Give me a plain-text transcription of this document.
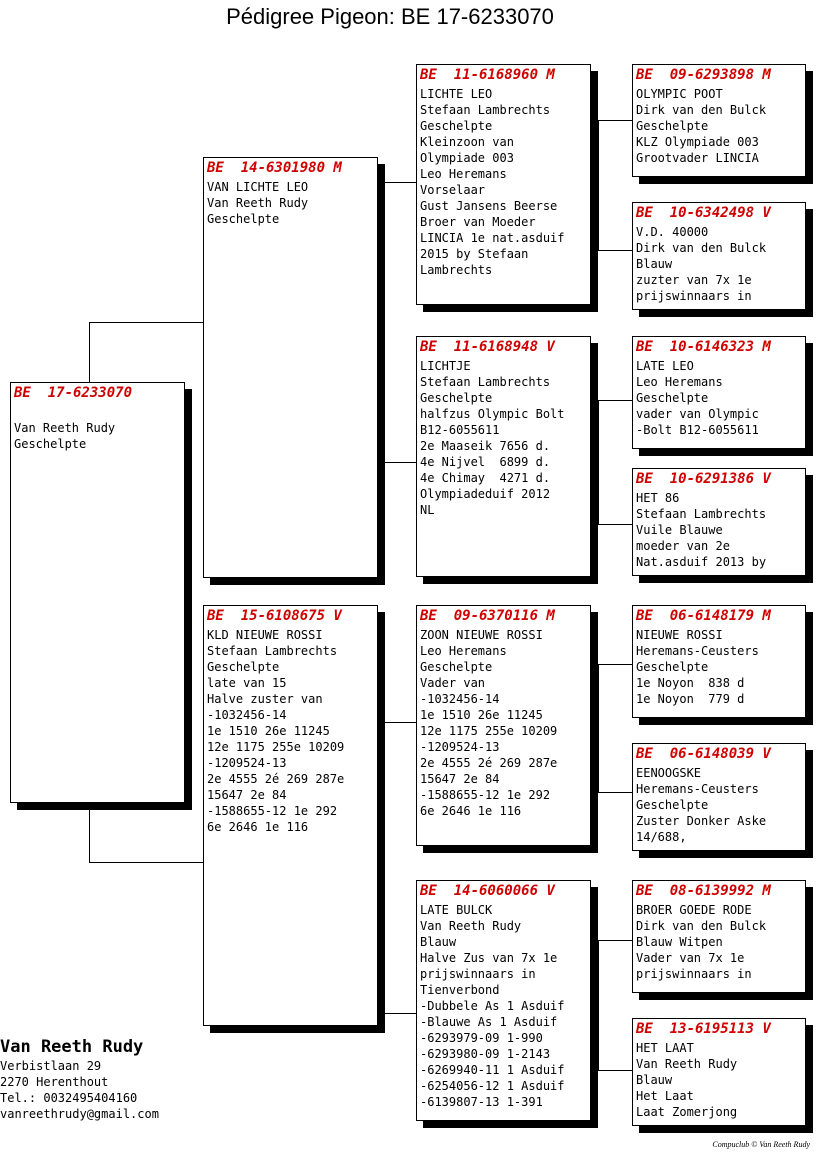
Pédigree Pigeon: BE 17-6233070
BE  17-6233070
Van Reeth Rudy
Geschelpte
BE  14-6301980 M
VAN LICHTE LEO
Van Reeth Rudy
Geschelpte
BE  15-6108675 V
KLD NIEUWE ROSSI
Stefaan Lambrechts
Geschelpte
late van 15
Halve zuster van
-1032456-14
1e 1510 26e 11245
12e 1175 255e 10209
-1209524-13
2e 4555 2é 269 287e
15647 2e 84
-1588655-12 1e 292
6e 2646 1e 116
BE  11-6168960 M
LICHTE LEO
Stefaan Lambrechts
Geschelpte
Kleinzoon van
Olympiade 003
Leo Heremans
Vorselaar
Gust Jansens Beerse
Broer van Moeder
LINCIA 1e nat.asduif
2015 by Stefaan
Lambrechts
BE  11-6168948 V
LICHTJE
Stefaan Lambrechts
Geschelpte
halfzus Olympic Bolt
B12-6055611
2e Maaseik 7656 d.
4e Nijvel  6899 d.
4e Chimay  4271 d.
Olympiadeduif 2012
NL
BE  09-6370116 M
ZOON NIEUWE ROSSI
Leo Heremans
Geschelpte
Vader van
-1032456-14
1e 1510 26e 11245
12e 1175 255e 10209
-1209524-13
2e 4555 2é 269 287e
15647 2e 84
-1588655-12 1e 292
6e 2646 1e 116
BE  14-6060066 V
LATE BULCK
Van Reeth Rudy
Blauw
Halve Zus van 7x 1e
prijswinnaars in
Tienverbond
-Dubbele As 1 Asduif
-Blauwe As 1 Asduif
-6293979-09 1-990
-6293980-09 1-2143
-6269940-11 1 Asduif
-6254056-12 1 Asduif
-6139807-13 1-391
BE  09-6293898 M
OLYMPIC POOT
Dirk van den Bulck
Geschelpte
KLZ Olympiade 003
Grootvader LINCIA
BE  10-6342498 V
V.D. 40000
Dirk van den Bulck
Blauw
zuzter van 7x 1e
prijswinnaars in
BE  10-6146323 M
LATE LEO
Leo Heremans
Geschelpte
vader van Olympic
-Bolt B12-6055611
BE  10-6291386 V
HET 86
Stefaan Lambrechts
Vuile Blauwe
moeder van 2e
Nat.asduif 2013 by
BE  06-6148179 M
NIEUWE ROSSI
Heremans-Ceusters
Geschelpte
1e Noyon  838 d
1e Noyon  779 d
BE  06-6148039 V
EENOOGSKE
Heremans-Ceusters
Geschelpte
Zuster Donker Aske
14/688,
BE  08-6139992 M
BROER GOEDE RODE
Dirk van den Bulck
Blauw Witpen
Vader van 7x 1e
prijswinnaars in
BE  13-6195113 V
HET LAAT
Van Reeth Rudy
Blauw
Het Laat
Laat Zomerjong
Van Reeth Rudy
Verbistlaan 29
2270 Herenthout
Tel.: 0032495404160
vanreethrudy@gmail.com
Compuclub © Van Reeth Rudy
